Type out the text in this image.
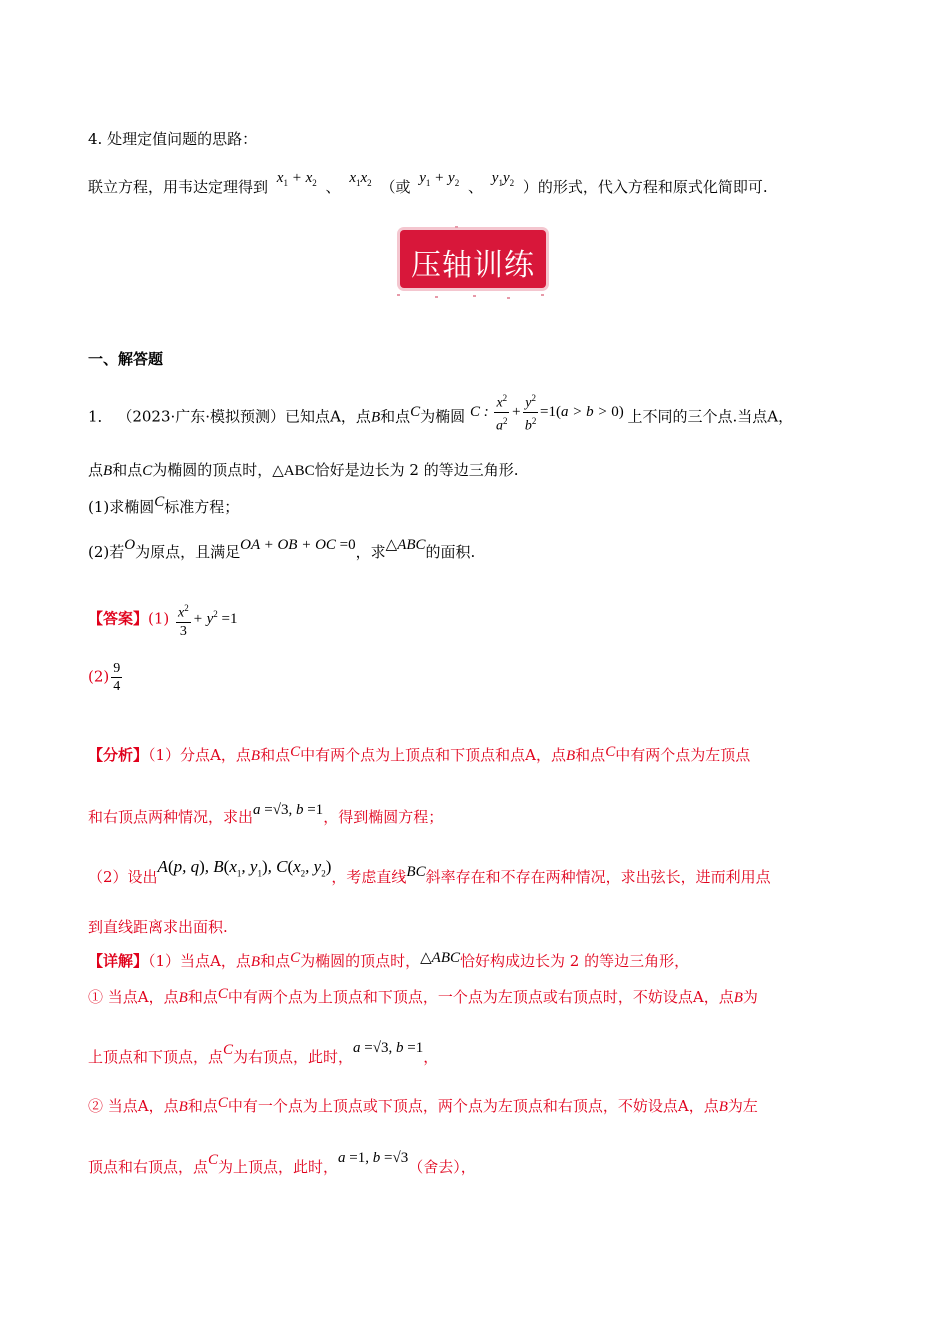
4. 处理定值问题的思路：
联立方程，用韦达定理得到 $x_1 + x_2$ 、 $x_1x_2$ （或 $y_1 + y_2$ 、 $y_1y_2$ ）的形式，代入方程和原式化简即可.
压轴训练
一、解答题
1． （2023·广东·模拟预测）已知点A，点B和点C为椭圆 C : $\frac{x^2}{a^2} + \frac{y^2}{b^2} =1(a > b > 0)$ 上不同的三个点.当点A，
点B和点C为椭圆的顶点时，△ABC恰好是边长为 2 的等边三角形.
(1)求椭圆C标准方程；
(2)若O为原点，且满足OA + OB + OC =0，求△ABC的面积.
【答案】$(1) \frac{x^2}{3} + y^2 =1$
$(2) \frac{9}{4}$
【分析】（1）分点A，点B和点C中有两个点为上顶点和下顶点和点A，点B和点C中有两个点为左顶点
和右顶点两种情况，求出a =√3, b =1，得到椭圆方程；
（2）设出A(p, q), $B(x_1$, $y_1$), $C(x_2$, $y_2$)，考虑直线BC斜率存在和不存在两种情况，求出弦长，进而利用点
到直线距离求出面积.
【详解】（1）当点A，点B和点C为椭圆的顶点时，△ABC恰好构成边长为 2 的等边三角形，
① 当点A，点B和点C中有两个点为上顶点和下顶点，一个点为左顶点或右顶点时，不妨设点A，点B为
上顶点和下顶点，点C为右顶点，此时，a =√3, b =1，
② 当点A，点B和点C中有一个点为上顶点或下顶点，两个点为左顶点和右顶点，不妨设点A，点B为左
顶点和右顶点，点C为上顶点，此时，a =1, b =√3（舍去），
